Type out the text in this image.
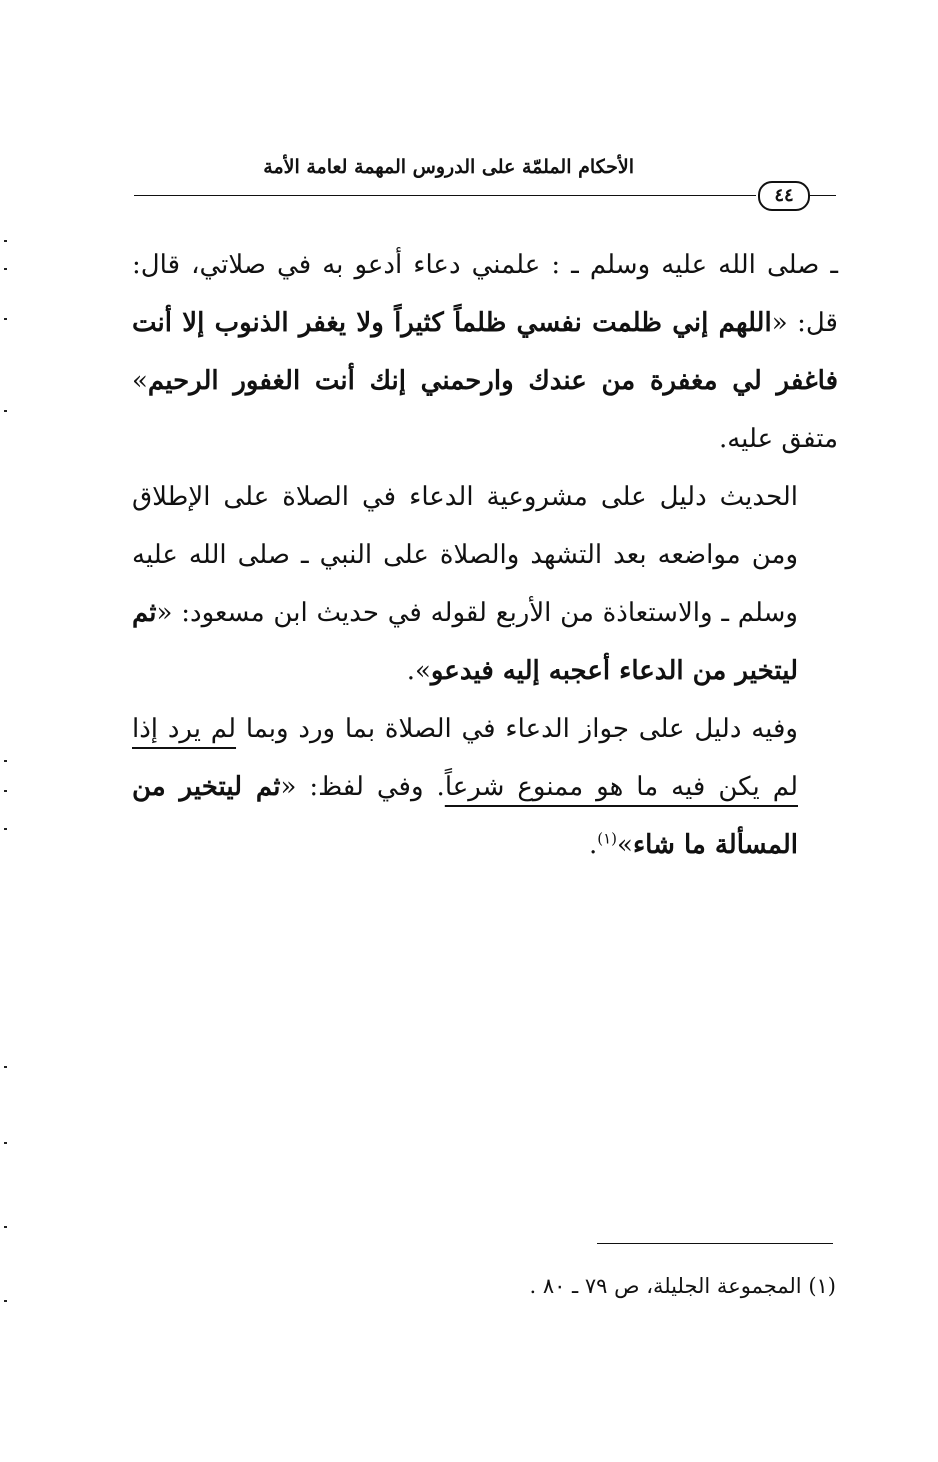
الأحكام الملمّة على الدروس المهمة لعامة الأمة
٤٤

ـ صلى الله عليه وسلم ـ : علمني دعاء أدعو به في صلاتي، قال: قل: «اللهم إني ظلمت نفسي ظلماً كثيراً ولا يغفر الذنوب إلا أنت فاغفر لي مغفرة من عندك وارحمني إنك أنت الغفور الرحيم» متفق عليه.

الحديث دليل على مشروعية الدعاء في الصلاة على الإطلاق ومن مواضعه بعد التشهد والصلاة على النبي ـ صلى الله عليه وسلم ـ والاستعاذة من الأربع لقوله في حديث ابن مسعود: «ثم ليتخير من الدعاء أعجبه إليه فيدعو».

وفيه دليل على جواز الدعاء في الصلاة بما ورد وبما لم يرد إذا لم يكن فيه ما هو ممنوع شرعاً. وفي لفظ: «ثم ليتخير من المسألة ما شاء»$^{(١)}$.

(١) المجموعة الجليلة، ص ٧٩ ـ ٨٠ .
